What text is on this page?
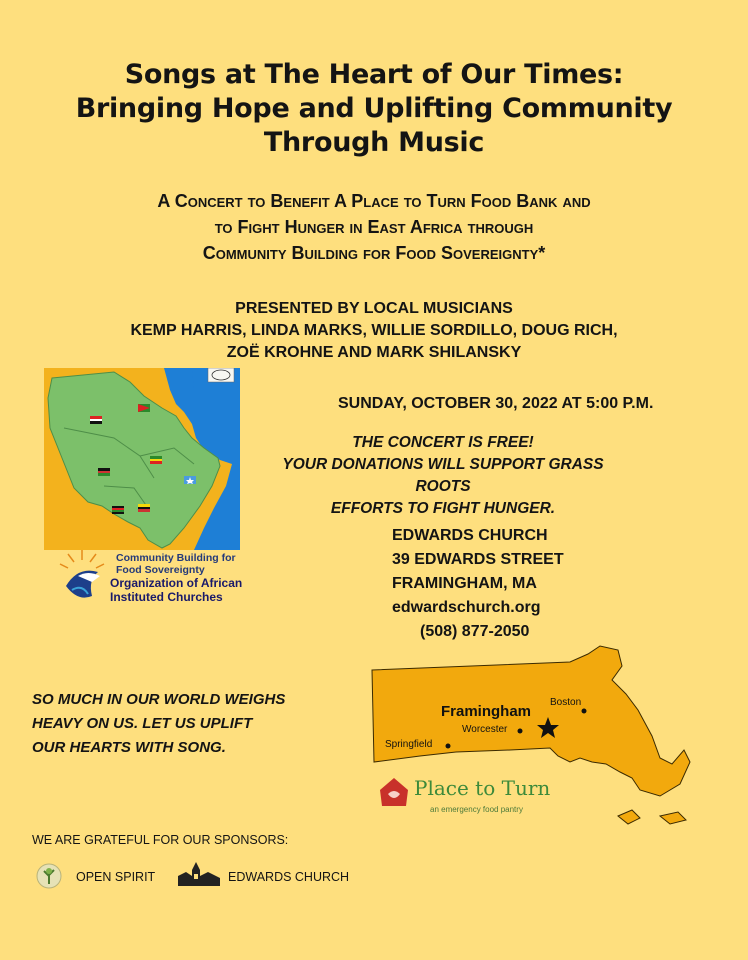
Songs at The Heart of Our Times:
Bringing Hope and Uplifting Community
Through Music
A Concert to Benefit A Place to Turn Food Bank and
to Fight Hunger in East Africa through
Community Building for Food Sovereignty*
PRESENTED BY LOCAL MUSICIANS
KEMP HARRIS, LINDA MARKS, WILLIE SORDILLO, DOUG RICH,
ZOË KROHNE AND MARK SHILANSKY
Community Building for
Food Sovereignty
Organization of African
Instituted Churches
SUNDAY, OCTOBER 30, 2022 AT 5:00 P.M.
THE CONCERT IS FREE!
YOUR DONATIONS WILL SUPPORT GRASS ROOTS
EFFORTS TO FIGHT HUNGER.
EDWARDS CHURCH
39 EDWARDS STREET
FRAMINGHAM, MA
edwardschurch.org
(508) 877-2050
Framingham
Boston
Worcester
Springfield
Place to Turn
an emergency food pantry
SO MUCH IN OUR WORLD WEIGHS
HEAVY ON US. LET US UPLIFT
OUR HEARTS WITH SONG.
WE ARE GRATEFUL FOR OUR SPONSORS:
OPEN SPIRIT	EDWARDS CHURCH
